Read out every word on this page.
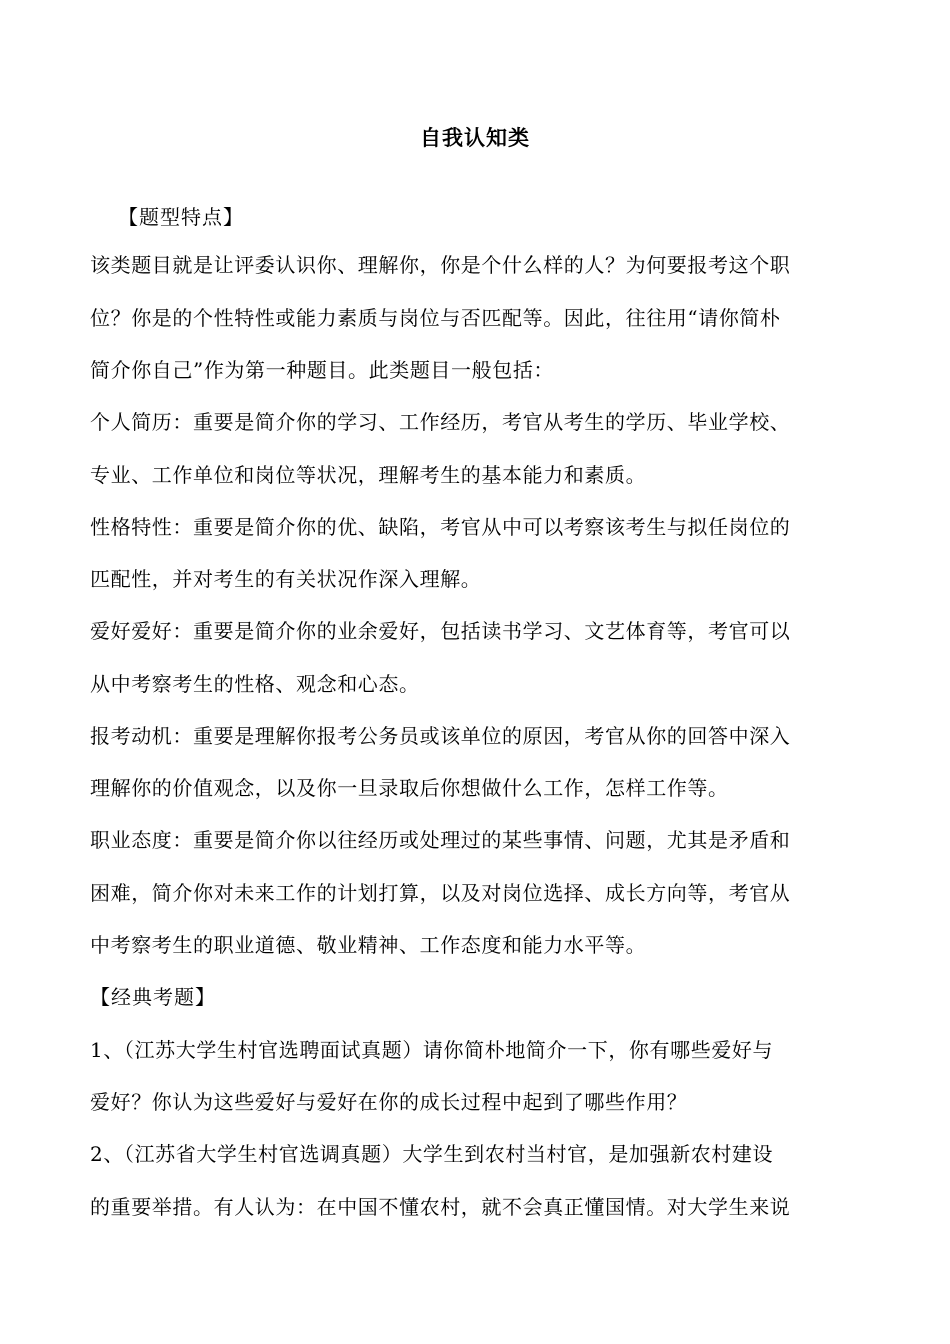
自我认知类
【题型特点】
该类题目就是让评委认识你、理解你，你是个什么样的人？为何要报考这个职
位？你是的个性特性或能力素质与岗位与否匹配等。因此，往往用“请你简朴
简介你自己”作为第一种题目。此类题目一般包括：
个人简历：重要是简介你的学习、工作经历，考官从考生的学历、毕业学校、
专业、工作单位和岗位等状况，理解考生的基本能力和素质。
性格特性：重要是简介你的优、缺陷，考官从中可以考察该考生与拟任岗位的
匹配性，并对考生的有关状况作深入理解。
爱好爱好：重要是简介你的业余爱好，包括读书学习、文艺体育等，考官可以
从中考察考生的性格、观念和心态。
报考动机：重要是理解你报考公务员或该单位的原因，考官从你的回答中深入
理解你的价值观念，以及你一旦录取后你想做什么工作，怎样工作等。
职业态度：重要是简介你以往经历或处理过的某些事情、问题，尤其是矛盾和
困难，简介你对未来工作的计划打算，以及对岗位选择、成长方向等，考官从
中考察考生的职业道德、敬业精神、工作态度和能力水平等。
【经典考题】
1、（江苏大学生村官选聘面试真题）请你简朴地简介一下，你有哪些爱好与
爱好？你认为这些爱好与爱好在你的成长过程中起到了哪些作用？
2、（江苏省大学生村官选调真题）大学生到农村当村官，是加强新农村建设
的重要举措。有人认为：在中国不懂农村，就不会真正懂国情。对大学生来说
